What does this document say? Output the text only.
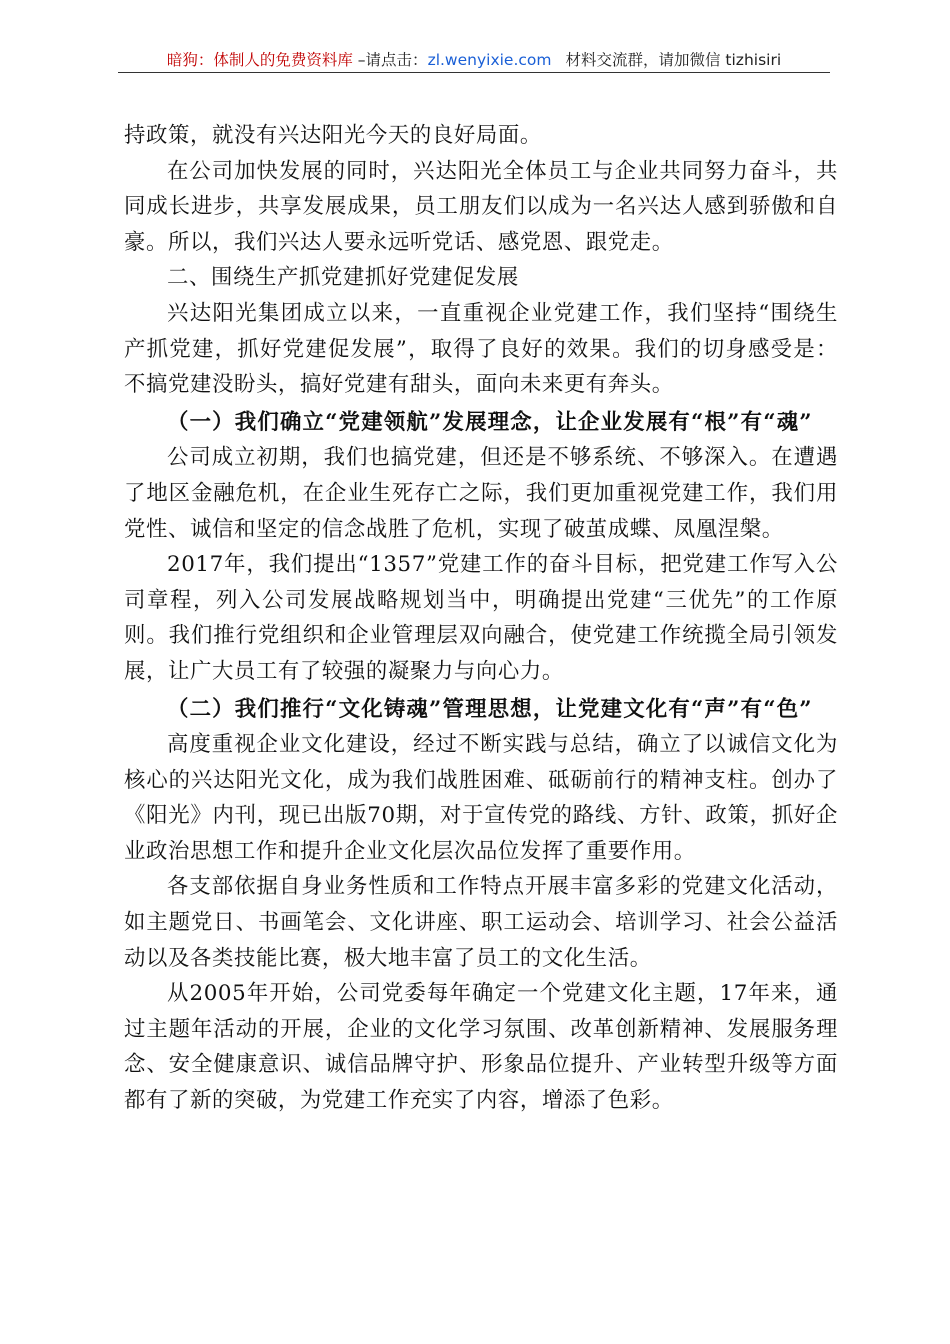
暗狗：体制人的免费资料库 –请点击：zl.wenyixie.com 材料交流群，请加微信 tizhisiri

持政策，就没有兴达阳光今天的良好局面。

在公司加快发展的同时，兴达阳光全体员工与企业共同努力奋斗，共同成长进步，共享发展成果，员工朋友们以成为一名兴达人感到骄傲和自豪。所以，我们兴达人要永远听党话、感党恩、跟党走。

二、围绕生产抓党建抓好党建促发展

兴达阳光集团成立以来，一直重视企业党建工作，我们坚持“围绕生产抓党建，抓好党建促发展”，取得了良好的效果。我们的切身感受是：不搞党建没盼头，搞好党建有甜头，面向未来更有奔头。

（一）我们确立“党建领航”发展理念，让企业发展有“根”有“魂”

公司成立初期，我们也搞党建，但还是不够系统、不够深入。在遭遇了地区金融危机，在企业生死存亡之际，我们更加重视党建工作，我们用党性、诚信和坚定的信念战胜了危机，实现了破茧成蝶、凤凰涅槃。

2017年，我们提出“1357”党建工作的奋斗目标，把党建工作写入公司章程，列入公司发展战略规划当中，明确提出党建“三优先”的工作原则。我们推行党组织和企业管理层双向融合，使党建工作统揽全局引领发展，让广大员工有了较强的凝聚力与向心力。

（二）我们推行“文化铸魂”管理思想，让党建文化有“声”有“色”

高度重视企业文化建设，经过不断实践与总结，确立了以诚信文化为核心的兴达阳光文化，成为我们战胜困难、砥砺前行的精神支柱。创办了《阳光》内刊，现已出版70期，对于宣传党的路线、方针、政策，抓好企业政治思想工作和提升企业文化层次品位发挥了重要作用。

各支部依据自身业务性质和工作特点开展丰富多彩的党建文化活动，如主题党日、书画笔会、文化讲座、职工运动会、培训学习、社会公益活动以及各类技能比赛，极大地丰富了员工的文化生活。

从2005年开始，公司党委每年确定一个党建文化主题，17年来，通过主题年活动的开展，企业的文化学习氛围、改革创新精神、发展服务理念、安全健康意识、诚信品牌守护、形象品位提升、产业转型升级等方面都有了新的突破，为党建工作充实了内容，增添了色彩。
